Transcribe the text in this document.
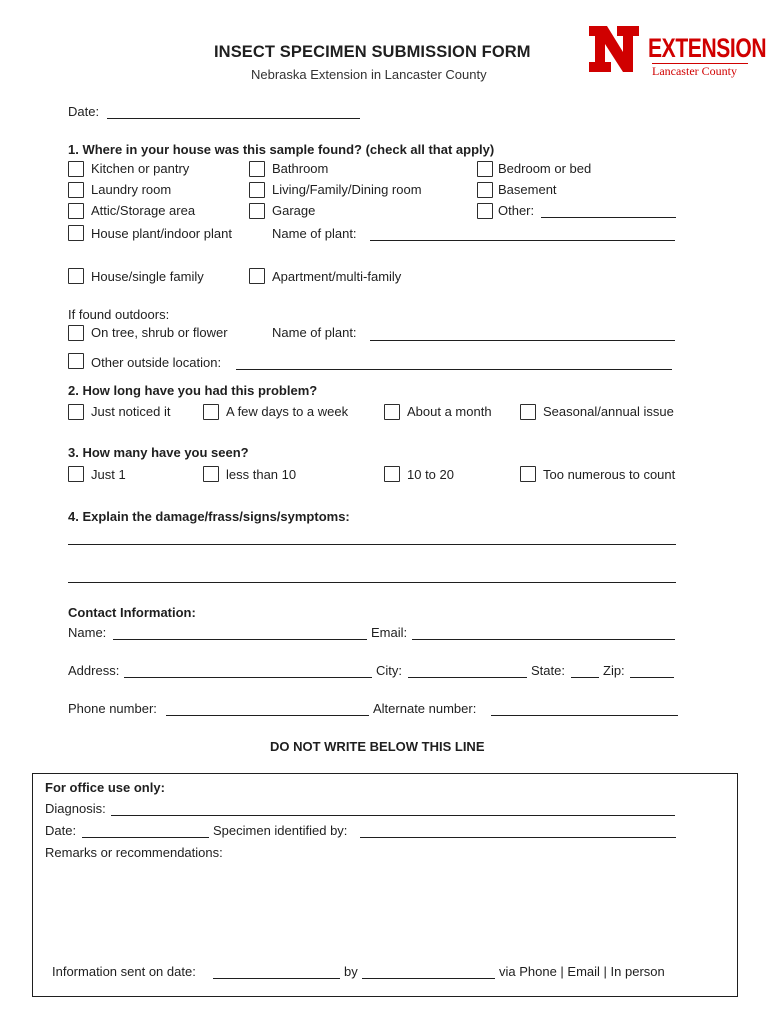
INSECT SPECIMEN SUBMISSION FORM
Nebraska Extension in Lancaster County
EXTENSION
Lancaster County
Date:
1. Where in your house was this sample found? (check all that apply)
Kitchen or pantry	Bathroom	Bedroom or bed
Laundry room	Living/Family/Dining room	Basement
Attic/Storage area	Garage	Other:
House plant/indoor plant	Name of plant:
House/single family	Apartment/multi-family
If found outdoors:
On tree, shrub or flower	Name of plant:
Other outside location:
2. How long have you had this problem?
Just noticed it	A few days to a week	About a month	Seasonal/annual issue
3. How many have you seen?
Just 1	less than 10	10 to 20	Too numerous to count
4. Explain the damage/frass/signs/symptoms:
Contact Information:
Name:	Email:
Address:	City:	State:	Zip:
Phone number:	Alternate number:
DO NOT WRITE BELOW THIS LINE
For office use only:
Diagnosis:
Date:	Specimen identified by:
Remarks or recommendations:
Information sent on date:	by	via Phone | Email | In person
